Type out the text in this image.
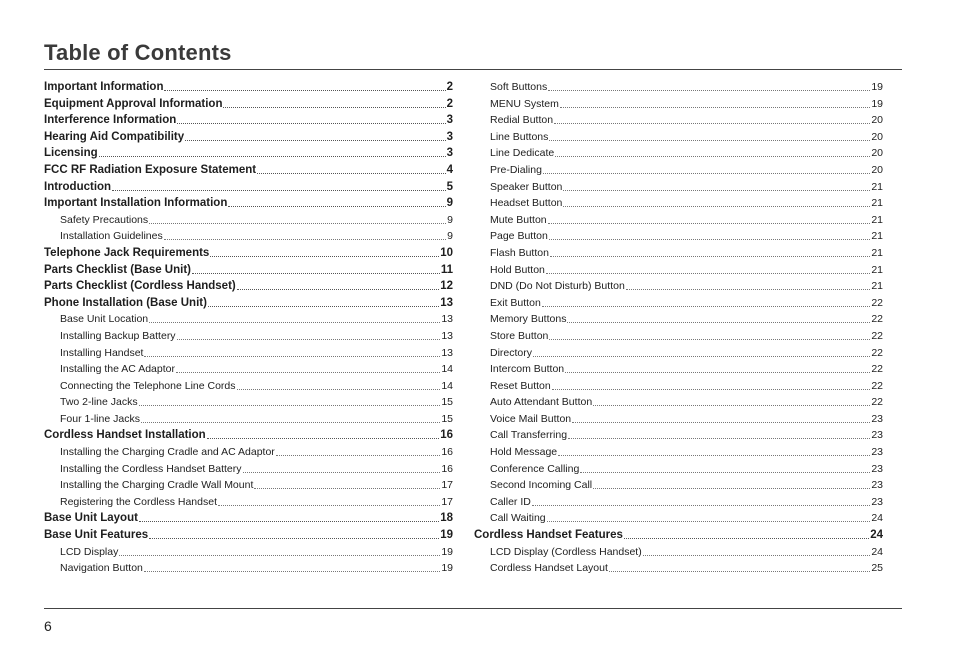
Table of Contents
Important Information	2
Equipment Approval Information	2
Interference Information	3
Hearing Aid Compatibility	3
Licensing	3
FCC RF Radiation Exposure Statement	4
Introduction	5
Important Installation Information	9
Safety Precautions	9
Installation Guidelines	9
Telephone Jack Requirements	10
Parts Checklist (Base Unit)	11
Parts Checklist (Cordless Handset)	12
Phone Installation (Base Unit)	13
Base Unit Location	13
Installing Backup Battery	13
Installing Handset	13
Installing the AC Adaptor	14
Connecting the Telephone Line Cords	14
Two 2-line Jacks	15
Four 1-line Jacks	15
Cordless Handset Installation	16
Installing the Charging Cradle and AC Adaptor	16
Installing the Cordless Handset Battery	16
Installing the Charging Cradle Wall Mount	17
Registering the Cordless Handset	17
Base Unit Layout	18
Base Unit Features	19
LCD Display	19
Navigation Button	19
Soft Buttons	19
MENU System	19
Redial Button	20
Line Buttons	20
Line Dedicate	20
Pre-Dialing	20
Speaker Button	21
Headset Button	21
Mute Button	21
Page Button	21
Flash Button	21
Hold Button	21
DND (Do Not Disturb) Button	21
Exit Button	22
Memory Buttons	22
Store Button	22
Directory	22
Intercom Button	22
Reset Button	22
Auto Attendant Button	22
Voice Mail Button	23
Call Transferring	23
Hold Message	23
Conference Calling	23
Second Incoming Call	23
Caller ID	23
Call Waiting	24
Cordless Handset Features	24
LCD Display (Cordless Handset)	24
Cordless Handset Layout	25
6
